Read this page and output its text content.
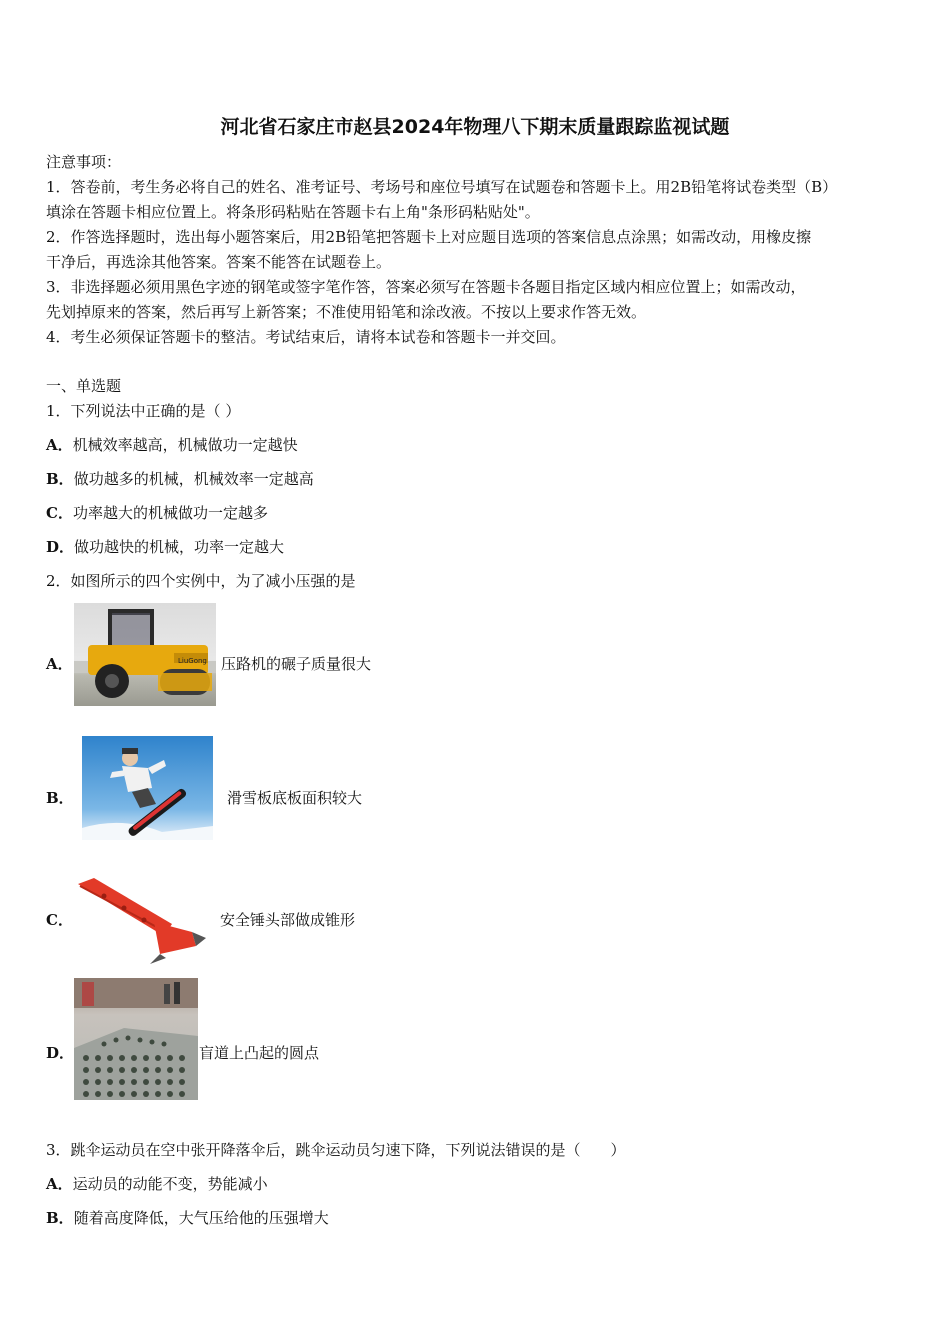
河北省石家庄市赵县2024年物理八下期末质量跟踪监视试题
注意事项：
1．答卷前，考生务必将自己的姓名、准考证号、考场号和座位号填写在试题卷和答题卡上。用2B铅笔将试卷类型（B）
填涂在答题卡相应位置上。将条形码粘贴在答题卡右上角"条形码粘贴处"。
2．作答选择题时，选出每小题答案后，用2B铅笔把答题卡上对应题目选项的答案信息点涂黑；如需改动，用橡皮擦
干净后，再选涂其他答案。答案不能答在试题卷上。
3．非选择题必须用黑色字迹的钢笔或签字笔作答，答案必须写在答题卡各题目指定区域内相应位置上；如需改动，
先划掉原来的答案，然后再写上新答案；不准使用铅笔和涂改液。不按以上要求作答无效。
4．考生必须保证答题卡的整洁。考试结束后，请将本试卷和答题卡一并交回。
一、单选题
1．下列说法中正确的是（ ）
A．机械效率越高，机械做功一定越快
B．做功越多的机械，机械效率一定越高
C．功率越大的机械做功一定越多
D．做功越快的机械，功率一定越大
2．如图所示的四个实例中，为了减小压强的是
A．	LiuGong 压路机的碾子质量很大
B．	滑雪板底板面积较大
C．	安全锤头部做成锥形
D．	盲道上凸起的圆点
3．跳伞运动员在空中张开降落伞后，跳伞运动员匀速下降，下列说法错误的是（　　）
A．运动员的动能不变，势能减小
B．随着高度降低，大气压给他的压强增大
